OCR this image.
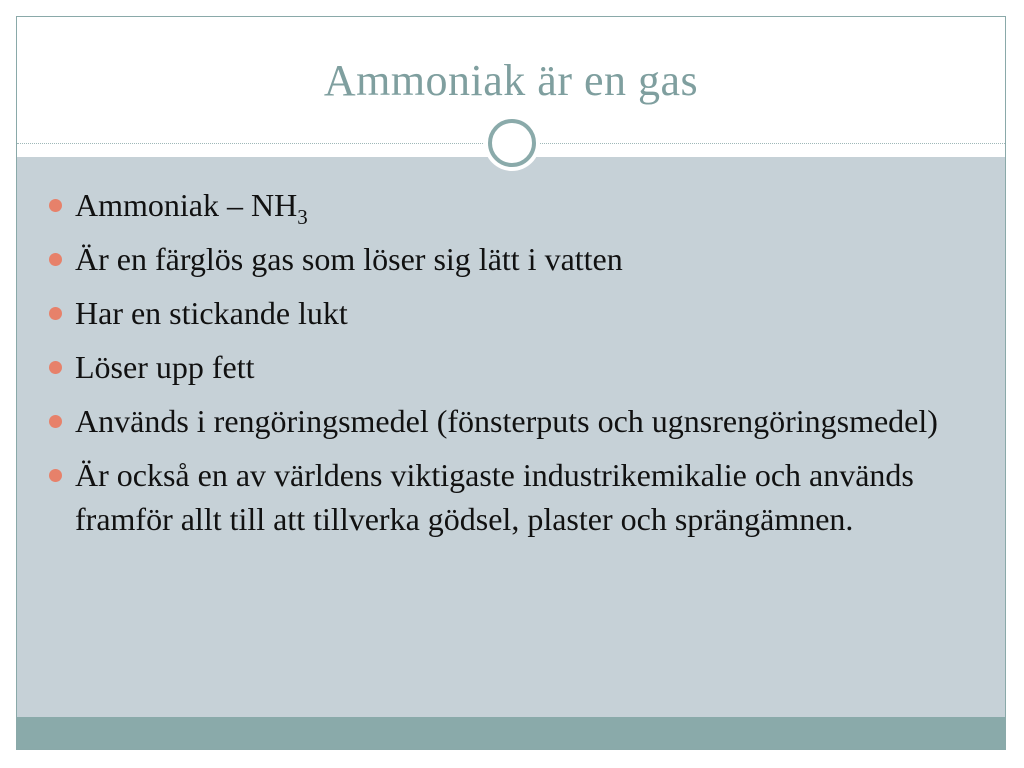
Ammoniak är en gas
Ammoniak – $NH_3$
Är en färglös gas som löser sig lätt i vatten
Har en stickande lukt
Löser upp fett
Används i rengöringsmedel (fönsterputs och ugnsrengöringsmedel)
Är också en av världens viktigaste industrikemikalie och används framför allt till att tillverka gödsel, plaster och sprängämnen.
